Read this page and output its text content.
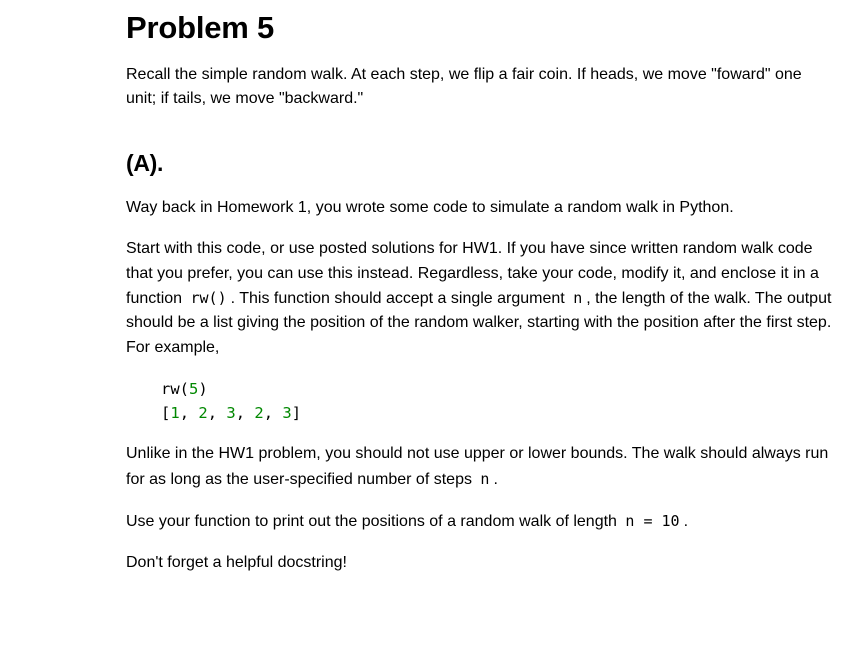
Problem 5

Recall the simple random walk. At each step, we flip a fair coin. If heads, we move "foward" one unit; if tails, we move "backward."

(A).

Way back in Homework 1, you wrote some code to simulate a random walk in Python.

Start with this code, or use posted solutions for HW1. If you have since written random walk code that you prefer, you can use this instead. Regardless, take your code, modify it, and enclose it in a function rw() . This function should accept a single argument n , the length of the walk. The output should be a list giving the position of the random walker, starting with the position after the first step. For example,

rw(5)
[1, 2, 3, 2, 3]

Unlike in the HW1 problem, you should not use upper or lower bounds. The walk should always run for as long as the user-specified number of steps n .

Use your function to print out the positions of a random walk of length n = 10 .

Don't forget a helpful docstring!
